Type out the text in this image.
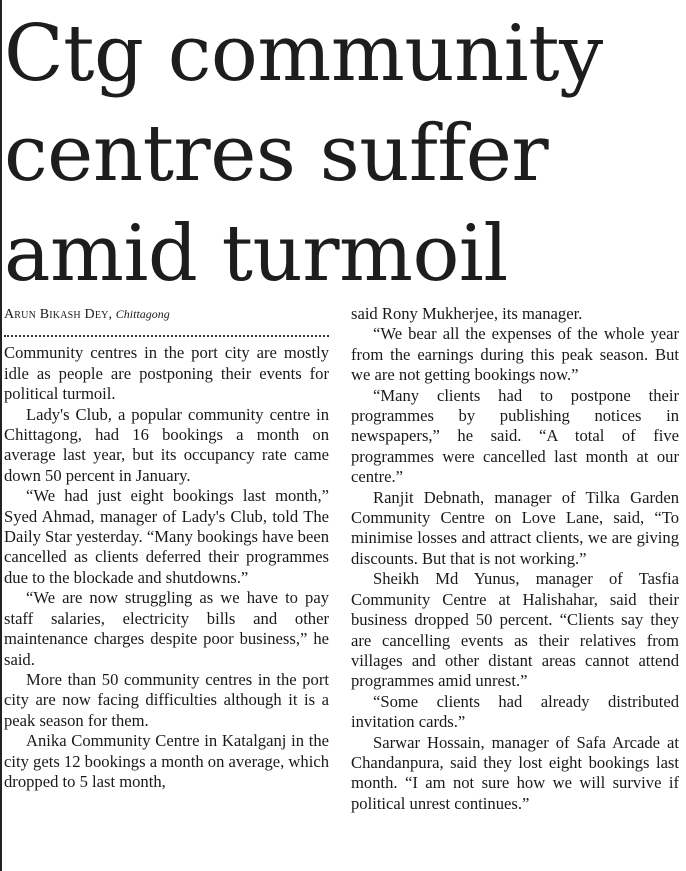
Ctg community
centres suffer
amid turmoil
Arun Bikash Dey, Chittagong

Community centres in the port city are mostly idle as people are postponing their events for political turmoil.

Lady's Club, a popular community centre in Chittagong, had 16 bookings a month on average last year, but its occupancy rate came down 50 percent in January.

“We had just eight bookings last month,” Syed Ahmad, manager of Lady's Club, told The Daily Star yesterday. “Many bookings have been cancelled as clients deferred their programmes due to the blockade and shutdowns.”

“We are now struggling as we have to pay staff salaries, electricity bills and other maintenance charges despite poor business,” he said.

More than 50 community centres in the port city are now facing difficulties although it is a peak season for them.

Anika Community Centre in Katalganj in the city gets 12 bookings a month on average, which dropped to 5 last month,

said Rony Mukherjee, its manager.

“We bear all the expenses of the whole year from the earnings during this peak season. But we are not getting bookings now.”

“Many clients had to postpone their programmes by publishing notices in newspapers,” he said. “A total of five programmes were cancelled last month at our centre.”

Ranjit Debnath, manager of Tilka Garden Community Centre on Love Lane, said, “To minimise losses and attract clients, we are giving discounts. But that is not working.”

Sheikh Md Yunus, manager of Tasfia Community Centre at Halishahar, said their business dropped 50 percent. “Clients say they are cancelling events as their relatives from villages and other distant areas cannot attend programmes amid unrest.”

“Some clients had already distributed invitation cards.”

Sarwar Hossain, manager of Safa Arcade at Chandanpura, said they lost eight bookings last month. “I am not sure how we will survive if political unrest continues.”
